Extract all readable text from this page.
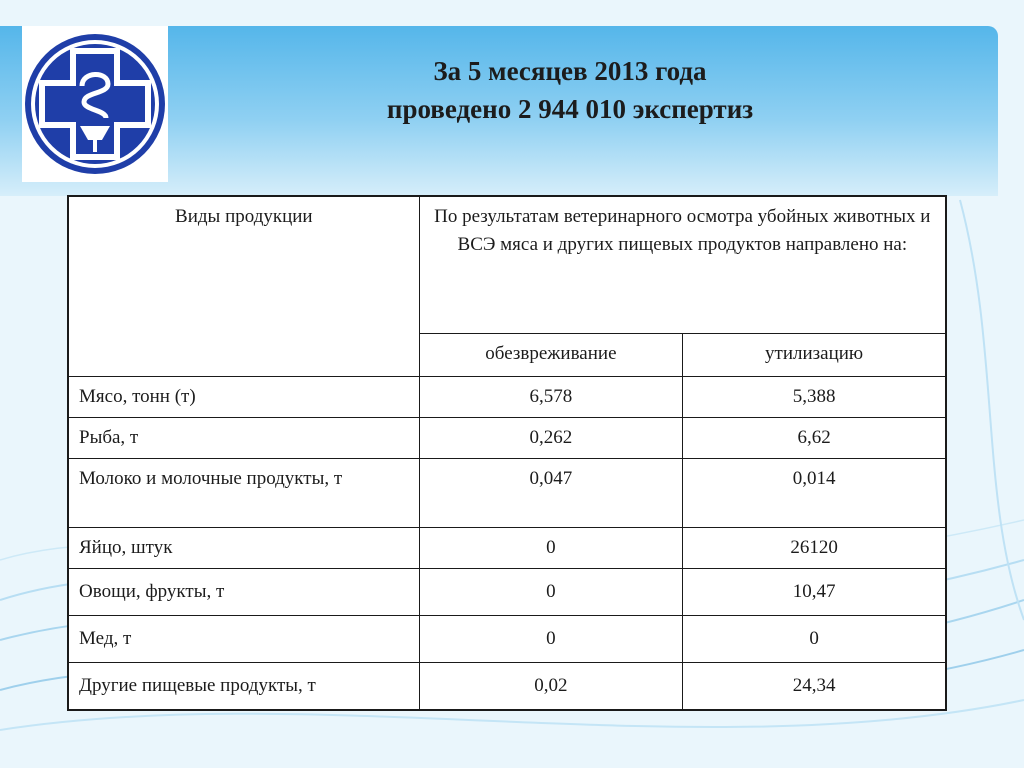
За 5 месяцев 2013 года
проведено 2 944 010 экспертиз
Виды продукции	По результатам ветеринарного осмотра убойных животных и ВСЭ мяса и других пищевых продуктов направлено на:	
	обезвреживание	утилизацию
Мясо, тонн (т)	6,578	5,388
Рыба, т	0,262	6,62
Молоко и молочные продукты, т	0,047	0,014
Яйцо, штук	0	26120
Овощи, фрукты, т	0	10,47
Мед, т	0	0
Другие пищевые продукты, т	0,02	24,34
